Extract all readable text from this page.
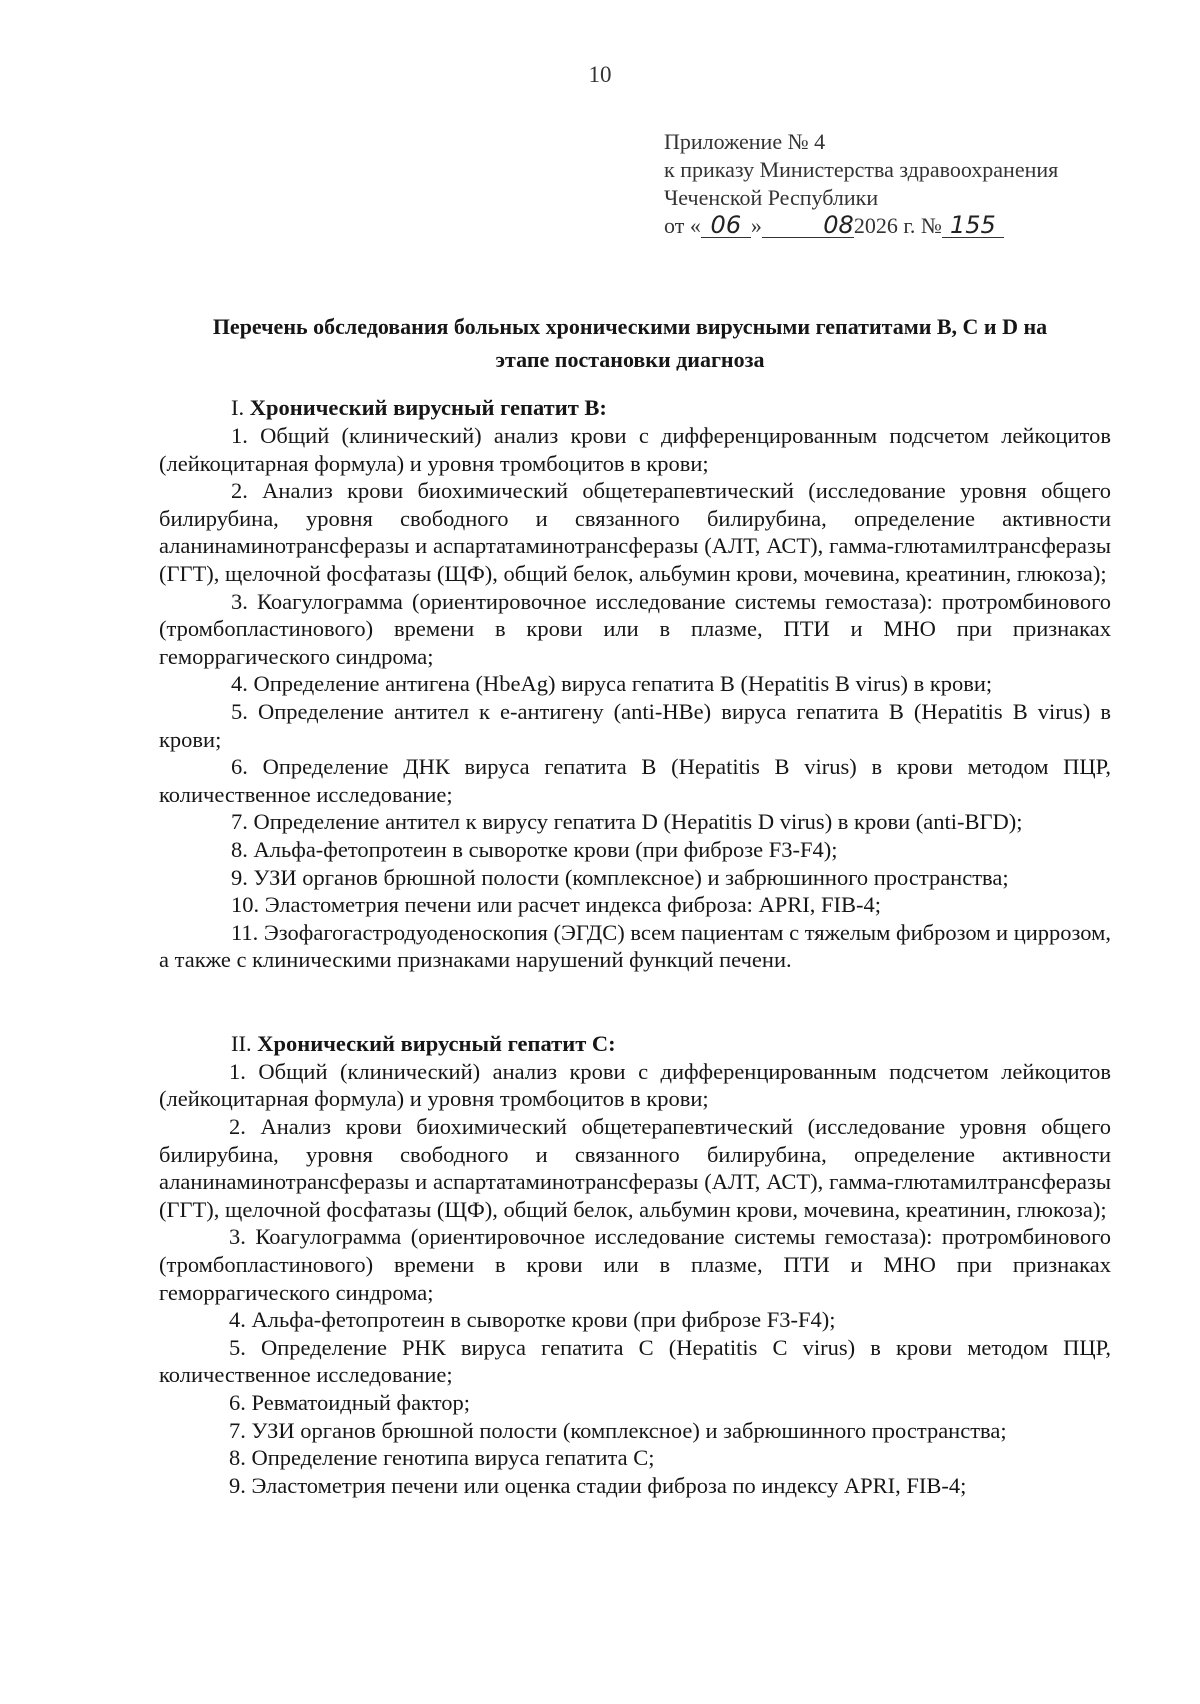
10
Приложение № 4
к приказу Министерства здравоохранения
Чеченской Республики
от « 06 »	082026 г. № 155
Перечень обследования больных хроническими вирусными гепатитами В, С и D на
этапе постановки диагноза
I. Хронический вирусный гепатит В:
1. Общий (клинический) анализ крови с дифференцированным подсчетом лейкоцитов (лейкоцитарная формула) и уровня тромбоцитов в крови;
2. Анализ крови биохимический общетерапевтический (исследование уровня общего билирубина, уровня свободного и связанного билирубина, определение активности аланинаминотрансферазы и аспартатаминотрансферазы (АЛТ, АСТ), гамма-глютамилтрансферазы (ГГТ), щелочной фосфатазы (ЩФ), общий белок, альбумин крови, мочевина, креатинин, глюкоза);
3. Коагулограмма (ориентировочное исследование системы гемостаза): протромбинового (тромбопластинового) времени в крови или в плазме, ПТИ и МНО при признаках геморрагического синдрома;
4. Определение антигена (HbeAg) вируса гепатита B (Hepatitis B virus) в крови;
5. Определение антител к e-антигену (anti-HBe) вируса гепатита B (Hepatitis B virus) в крови;
6. Определение ДНК вируса гепатита B (Hepatitis B virus) в крови методом ПЦР, количественное исследование;
7. Определение антител к вирусу гепатита D (Hepatitis D virus) в крови (anti-ВГD);
8. Альфа-фетопротеин в сыворотке крови (при фиброзе F3-F4);
9. УЗИ органов брюшной полости (комплексное) и забрюшинного пространства;
10. Эластометрия печени или расчет индекса фиброза: APRI, FIB-4;
11. Эзофагогастродуоденоскопия (ЭГДС) всем пациентам с тяжелым фиброзом и циррозом, а также с клиническими признаками нарушений функций печени.
II. Хронический вирусный гепатит С:
1. Общий (клинический) анализ крови с дифференцированным подсчетом лейкоцитов (лейкоцитарная формула) и уровня тромбоцитов в крови;
2. Анализ крови биохимический общетерапевтический (исследование уровня общего билирубина, уровня свободного и связанного билирубина, определение активности аланинаминотрансферазы и аспартатаминотрансферазы (АЛТ, АСТ), гамма-глютамилтрансферазы (ГГТ), щелочной фосфатазы (ЩФ), общий белок, альбумин крови, мочевина, креатинин, глюкоза);
3. Коагулограмма (ориентировочное исследование системы гемостаза): протромбинового (тромбопластинового) времени в крови или в плазме, ПТИ и МНО при признаках геморрагического синдрома;
4. Альфа-фетопротеин в сыворотке крови (при фиброзе F3-F4);
5. Определение РНК вируса гепатита С (Hepatitis C virus) в крови методом ПЦР, количественное исследование;
6. Ревматоидный фактор;
7. УЗИ органов брюшной полости (комплексное) и забрюшинного пространства;
8. Определение генотипа вируса гепатита С;
9. Эластометрия печени или оценка стадии фиброза по индексу APRI, FIB-4;
